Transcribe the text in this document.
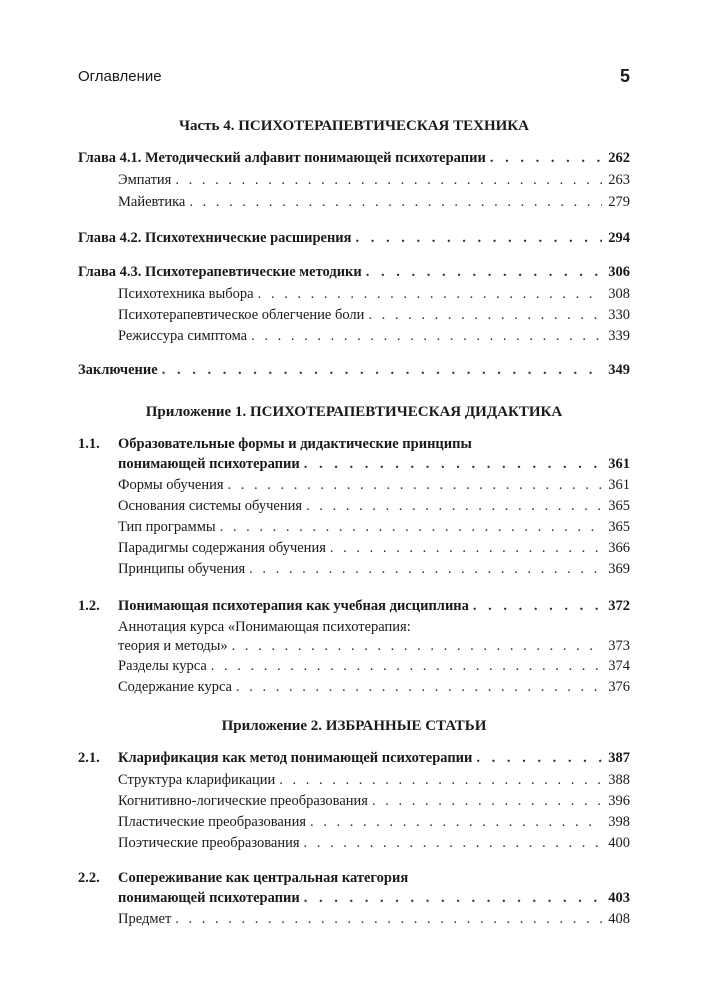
Оглавление	5
Часть 4. ПСИХОТЕРАПЕВТИЧЕСКАЯ ТЕХНИКА
Глава 4.1. Методический алфавит понимающей психотерапии . . .	262
Эмпатия . . .	263
Майевтика . . .	279
Глава 4.2. Психотехнические расширения . . .	294
Глава 4.3. Психотерапевтические методики . . .	306
Психотехника выбора . . .	308
Психотерапевтическое облегчение боли . . .	330
Режиссура симптома . . .	339
Заключение . . .	349
Приложение 1. ПСИХОТЕРАПЕВТИЧЕСКАЯ ДИДАКТИКА
1.1.	Образовательные формы и дидактические принципы
понимающей психотерапии . . .	361
Формы обучения . . .	361
Основания системы обучения . . .	365
Тип программы . . .	365
Парадигмы содержания обучения . . .	366
Принципы обучения . . .	369
1.2.	Понимающая психотерапия как учебная дисциплина . . .	372
Аннотация курса «Понимающая психотерапия:
теория и методы» . . .	373
Разделы курса . . .	374
Содержание курса . . .	376
Приложение 2. ИЗБРАННЫЕ СТАТЬИ
2.1.	Кларификация как метод понимающей психотерапии . . .	387
Структура кларификации . . .	388
Когнитивно-логические преобразования . . .	396
Пластические преобразования . . .	398
Поэтические преобразования . . .	400
2.2.	Сопереживание как центральная категория
понимающей психотерапии . . .	403
Предмет . . .	408
